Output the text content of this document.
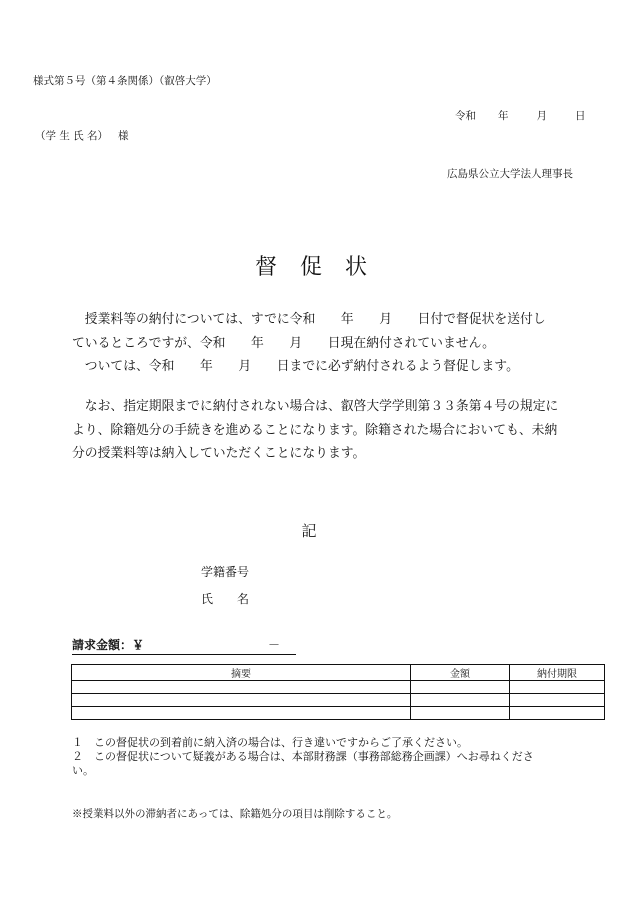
様式第５号（第４条関係）（叡啓大学）
令和 年	月	日
（学 生 氏 名） 様
広島県公立大学法人理事長
督 促 状
　授業料等の納付については、すでに令和　　年　　月　　日付で督促状を送付し
ているところですが、令和　　年　　月　　日現在納付されていません。
　ついては、令和　　年　　月　　日までに必ず納付されるよう督促します。
　なお、指定期限までに納付されない場合は、叡啓大学学則第３３条第４号の規定に
より、除籍処分の手続きを進めることになります。除籍された場合においても、未納
分の授業料等は納入していただくことになります。
記
学籍番号
氏　　名
請求金額：￥	－
摘要	金額	納付期限

１　この督促状の到着前に納入済の場合は、行き違いですからご了承ください。
２　この督促状について疑義がある場合は、本部財務課（事務部総務企画課）へお尋ねくださ
い。
※授業料以外の滞納者にあっては、除籍処分の項目は削除すること。
